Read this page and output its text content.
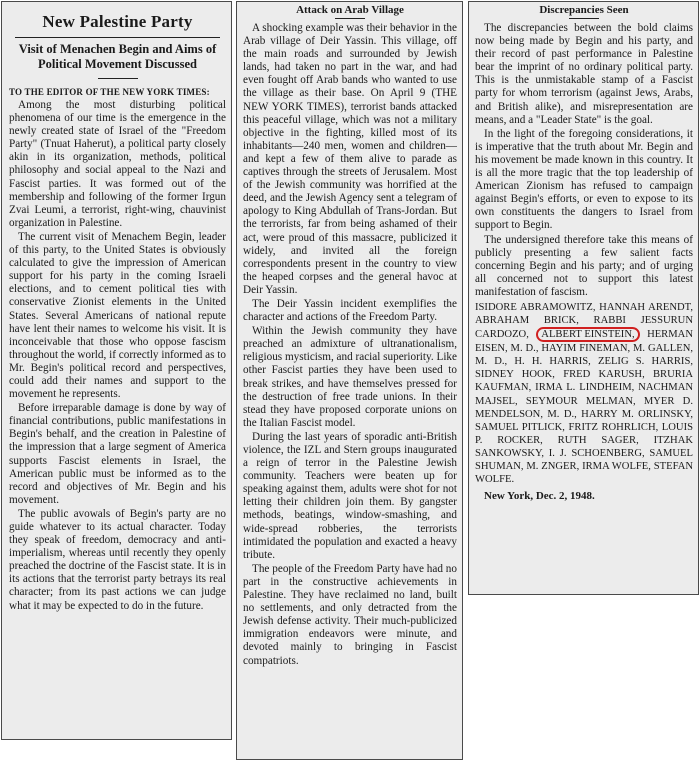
New Palestine Party
Visit of Menachen Begin and Aims of Political Movement Discussed
TO THE EDITOR OF THE NEW YORK TIMES:

Among the most disturbing political phenomena of our time is the emergence in the newly created state of Israel of the "Freedom Party" (Tnuat Haherut), a political party closely akin in its organization, methods, political philosophy and social appeal to the Nazi and Fascist parties. It was formed out of the membership and following of the former Irgun Zvai Leumi, a terrorist, right-wing, chauvinist organization in Palestine.

The current visit of Menachem Begin, leader of this party, to the United States is obviously calculated to give the impression of American support for his party in the coming Israeli elections, and to cement political ties with conservative Zionist elements in the United States. Several Americans of national repute have lent their names to welcome his visit. It is inconceivable that those who oppose fascism throughout the world, if correctly informed as to Mr. Begin's political record and perspectives, could add their names and support to the movement he represents.

Before irreparable damage is done by way of financial contributions, public manifestations in Begin's behalf, and the creation in Palestine of the impression that a large segment of America supports Fascist elements in Israel, the American public must be informed as to the record and objectives of Mr. Begin and his movement.

The public avowals of Begin's party are no guide whatever to its actual character. Today they speak of freedom, democracy and anti-imperialism, whereas until recently they openly preached the doctrine of the Fascist state. It is in its actions that the terrorist party betrays its real character; from its past actions we can judge what it may be expected to do in the future.

Attack on Arab Village

A shocking example was their behavior in the Arab village of Deir Yassin. This village, off the main roads and surrounded by Jewish lands, had taken no part in the war, and had even fought off Arab bands who wanted to use the village as their base. On April 9 (THE NEW YORK TIMES), terrorist bands attacked this peaceful village, which was not a military objective in the fighting, killed most of its inhabitants—240 men, women and children—and kept a few of them alive to parade as captives through the streets of Jerusalem. Most of the Jewish community was horrified at the deed, and the Jewish Agency sent a telegram of apology to King Abdullah of Trans-Jordan. But the terrorists, far from being ashamed of their act, were proud of this massacre, publicized it widely, and invited all the foreign correspondents present in the country to view the heaped corpses and the general havoc at Deir Yassin.

The Deir Yassin incident exemplifies the character and actions of the Freedom Party.

Within the Jewish community they have preached an admixture of ultranationalism, religious mysticism, and racial superiority. Like other Fascist parties they have been used to break strikes, and have themselves pressed for the destruction of free trade unions. In their stead they have proposed corporate unions on the Italian Fascist model.

During the last years of sporadic anti-British violence, the IZL and Stern groups inaugurated a reign of terror in the Palestine Jewish community. Teachers were beaten up for speaking against them, adults were shot for not letting their children join them. By gangster methods, beatings, window-smashing, and wide-spread robberies, the terrorists intimidated the population and exacted a heavy tribute.

The people of the Freedom Party have had no part in the constructive achievements in Palestine. They have reclaimed no land, built no settlements, and only detracted from the Jewish defense activity. Their much-publicized immigration endeavors were minute, and devoted mainly to bringing in Fascist compatriots.

Discrepancies Seen

The discrepancies between the bold claims now being made by Begin and his party, and their record of past performance in Palestine bear the imprint of no ordinary political party. This is the unmistakable stamp of a Fascist party for whom terrorism (against Jews, Arabs, and British alike), and misrepresentation are means, and a "Leader State" is the goal.

In the light of the foregoing considerations, it is imperative that the truth about Mr. Begin and his movement be made known in this country. It is all the more tragic that the top leadership of American Zionism has refused to campaign against Begin's efforts, or even to expose to its own constituents the dangers to Israel from support to Begin.

The undersigned therefore take this means of publicly presenting a few salient facts concerning Begin and his party; and of urging all concerned not to support this latest manifestation of fascism.

ISIDORE ABRAMOWITZ, HANNAH ARENDT, ABRAHAM BRICK, RABBI JESSURUN CARDOZO, ALBERT EINSTEIN, HERMAN EISEN, M. D., HAYIM FINEMAN, M. GALLEN, M. D., H. H. HARRIS, ZELIG S. HARRIS, SIDNEY HOOK, FRED KARUSH, BRURIA KAUFMAN, IRMA L. LINDHEIM, NACHMAN MAJSEL, SEYMOUR MELMAN, MYER D. MENDELSON, M. D., HARRY M. ORLINSKY, SAMUEL PITLICK, FRITZ ROHRLICH, LOUIS P. ROCKER, RUTH SAGER, ITZHAK SANKOWSKY, I. J. SCHOENBERG, SAMUEL SHUMAN, M. ZNGER, IRMA WOLFE, STEFAN WOLFE.
New York, Dec. 2, 1948.
